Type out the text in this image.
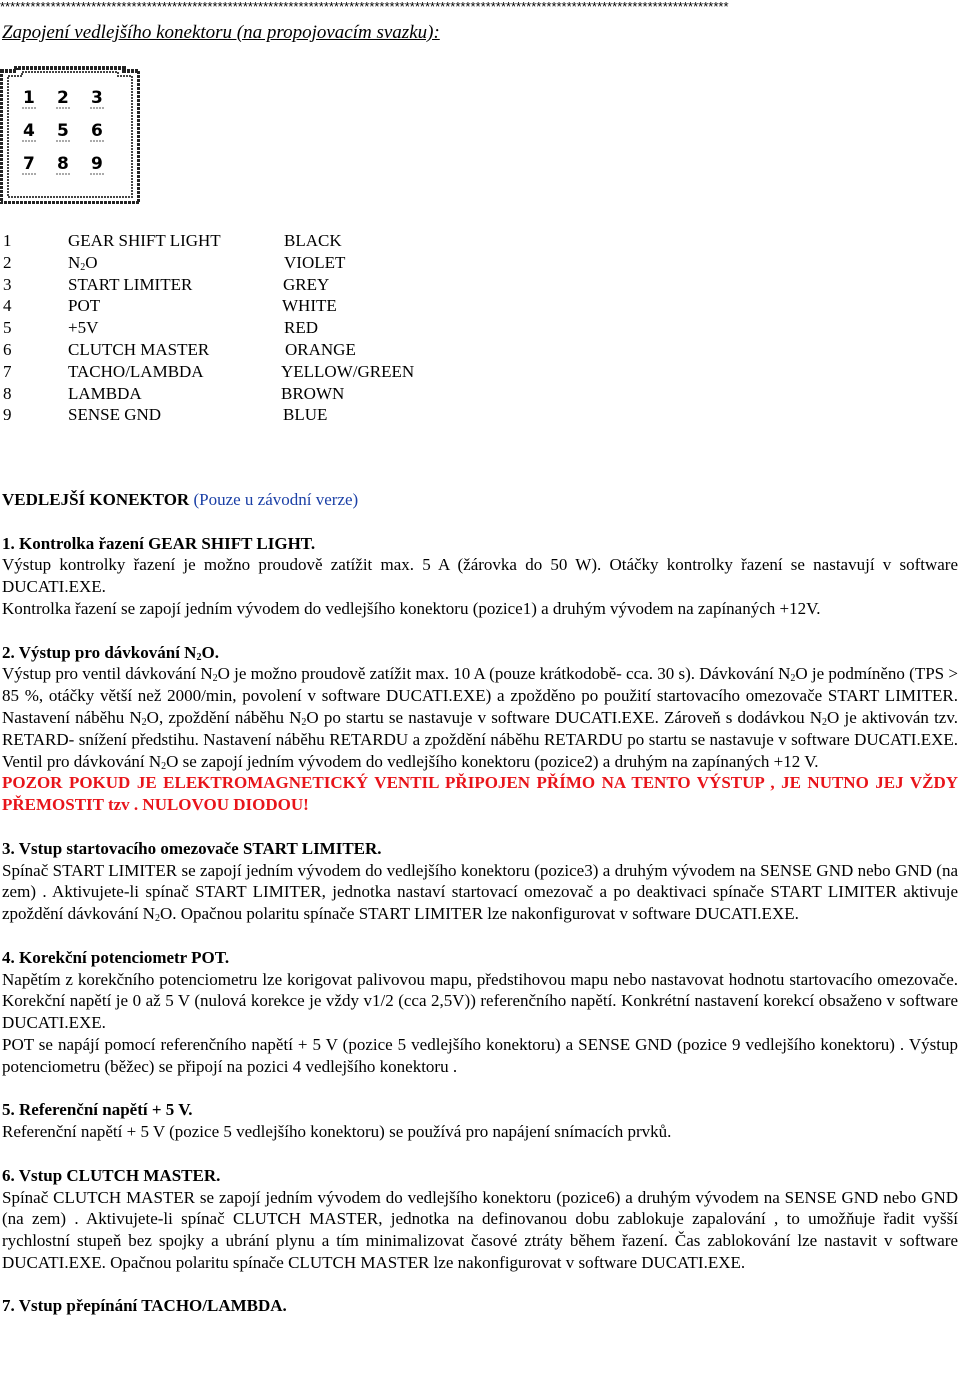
************************************************************************************************************************************************
Zapojení vedlejšího konektoru (na propojovacím svazku):
1 2 3
4 5 6
7 8 9
1	GEAR SHIFT LIGHT	BLACK
2	$N_2O$	VIOLET
3	START LIMITER	GREY
4	POT	WHITE
5	+5V	RED
6	CLUTCH MASTER	ORANGE
7	TACHO/LAMBDA	YELLOW/GREEN
8	LAMBDA	BROWN
9	SENSE GND	BLUE

VEDLEJŠÍ KONEKTOR (Pouze u závodní verze)

1. Kontrolka řazení GEAR SHIFT LIGHT.

Výstup kontrolky řazení je možno proudově zatížit max. 5 A (žárovka do 50 W). Otáčky kontrolky řazení se nastavují v software DUCATI.EXE.

Kontrolka řazení se zapojí jedním vývodem do vedlejšího konektoru (pozice1) a druhým vývodem na zapínaných +12V.

2. Výstup pro dávkování $N_2O$.

Výstup pro ventil dávkování $N_2O$ je možno proudově zatížit max. 10 A (pouze krátkodobě- cca. 30 s). Dávkování $N_2O$ je podmíněno (TPS > 85 %, otáčky větší než 2000/min, povolení v software DUCATI.EXE) a zpožděno po použití startovacího omezovače START LIMITER. Nastavení náběhu $N_2O$, zpoždění náběhu $N_2O$ po startu se nastavuje v software DUCATI.EXE. Zároveň s dodávkou $N_2O$ je aktivován tzv. RETARD- snížení předstihu. Nastavení náběhu RETARDU a zpoždění náběhu RETARDU po startu se nastavuje v software DUCATI.EXE. Ventil pro dávkování $N_2O$ se zapojí jedním vývodem do vedlejšího konektoru (pozice2) a druhým na zapínaných +12 V.

POZOR POKUD JE ELEKTROMAGNETICKÝ VENTIL PŘIPOJEN PŘÍMO NA TENTO VÝSTUP , JE NUTNO JEJ VŽDY PŘEMOSTIT tzv . NULOVOU DIODOU!

3. Vstup startovacího omezovače START LIMITER.

Spínač START LIMITER se zapojí jedním vývodem do vedlejšího konektoru (pozice3) a druhým vývodem na SENSE GND nebo GND (na zem) . Aktivujete-li spínač START LIMITER, jednotka nastaví startovací omezovač a po deaktivaci spínače START LIMITER aktivuje zpoždění dávkování $N_2O$. Opačnou polaritu spínače START LIMITER lze nakonfigurovat v software DUCATI.EXE.

4. Korekční potenciometr POT.

Napětím z korekčního potenciometru lze korigovat palivovou mapu, předstihovou mapu nebo nastavovat hodnotu startovacího omezovače. Korekční napětí je 0 až 5 V (nulová korekce je vždy v1/2 (cca 2,5V)) referenčního napětí. Konkrétní nastavení korekcí obsaženo v software DUCATI.EXE.

POT se napájí pomocí referenčního napětí + 5 V (pozice 5 vedlejšího konektoru) a SENSE GND (pozice 9 vedlejšího konektoru) . Výstup potenciometru (běžec) se připojí na pozici 4 vedlejšího konektoru .

5. Referenční napětí + 5 V.

Referenční napětí + 5 V (pozice 5 vedlejšího konektoru) se používá pro napájení snímacích prvků.

6. Vstup CLUTCH MASTER.

Spínač CLUTCH MASTER se zapojí jedním vývodem do vedlejšího konektoru (pozice6) a druhým vývodem na SENSE GND nebo GND (na zem) . Aktivujete-li spínač CLUTCH MASTER, jednotka na definovanou dobu zablokuje zapalování , to umožňuje řadit vyšší rychlostní stupeň bez spojky a ubrání plynu a tím minimalizovat časové ztráty během řazení. Čas zablokování lze nastavit v software DUCATI.EXE. Opačnou polaritu spínače CLUTCH MASTER lze nakonfigurovat v software DUCATI.EXE.

7. Vstup přepínání TACHO/LAMBDA.
